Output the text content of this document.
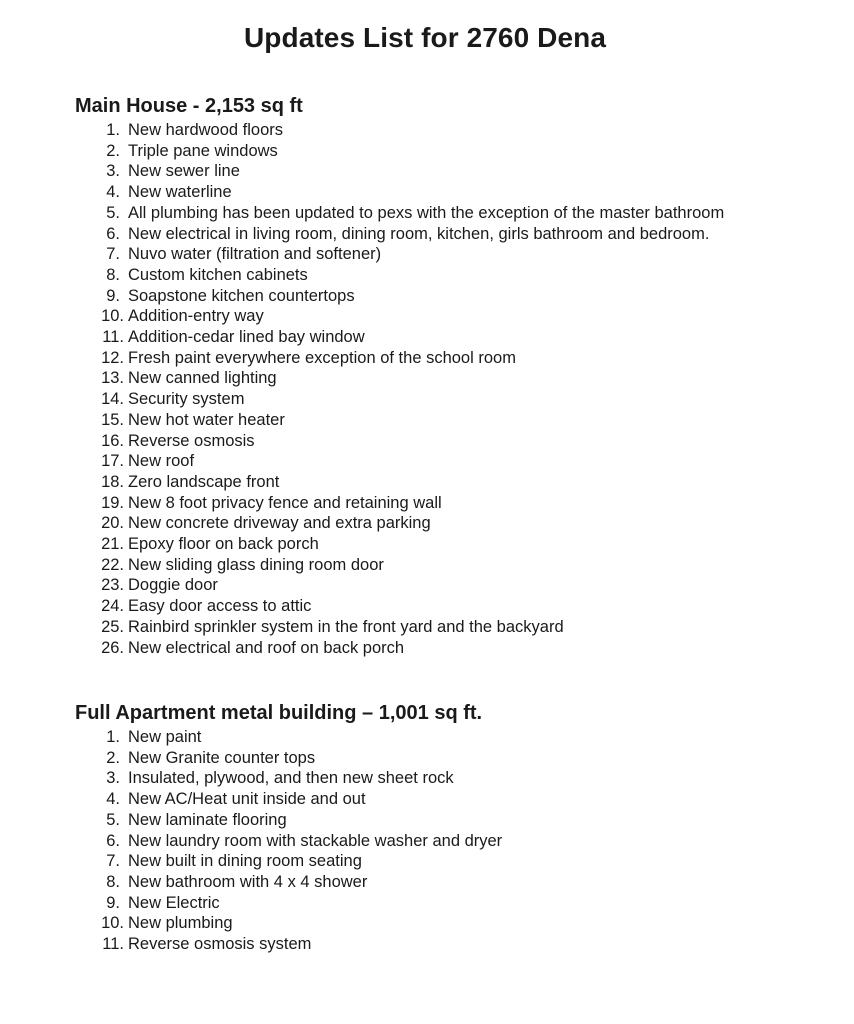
Updates List for 2760 Dena
Main House - 2,153 sq ft
1. New hardwood floors
2. Triple pane windows
3. New sewer line
4. New waterline
5. All plumbing has been updated to pexs with the exception of the master bathroom
6. New electrical in living room, dining room, kitchen, girls bathroom and bedroom.
7. Nuvo water (filtration and softener)
8. Custom kitchen cabinets
9. Soapstone kitchen countertops
10. Addition-entry way
11. Addition-cedar lined bay window
12. Fresh paint everywhere exception of the school room
13. New canned lighting
14. Security system
15. New hot water heater
16. Reverse osmosis
17. New roof
18. Zero landscape front
19. New 8 foot privacy fence and retaining wall
20. New concrete driveway and extra parking
21. Epoxy floor on back porch
22. New sliding glass dining room door
23. Doggie door
24. Easy door access to attic
25. Rainbird sprinkler system in the front yard and the backyard
26. New electrical and roof on back porch
Full Apartment metal building – 1,001 sq ft.
1. New paint
2. New Granite counter tops
3. Insulated, plywood, and then new sheet rock
4. New AC/Heat unit inside and out
5. New laminate flooring
6. New laundry room with stackable washer and dryer
7. New built in dining room seating
8. New bathroom with 4 x 4 shower
9. New Electric
10. New plumbing
11. Reverse osmosis system
